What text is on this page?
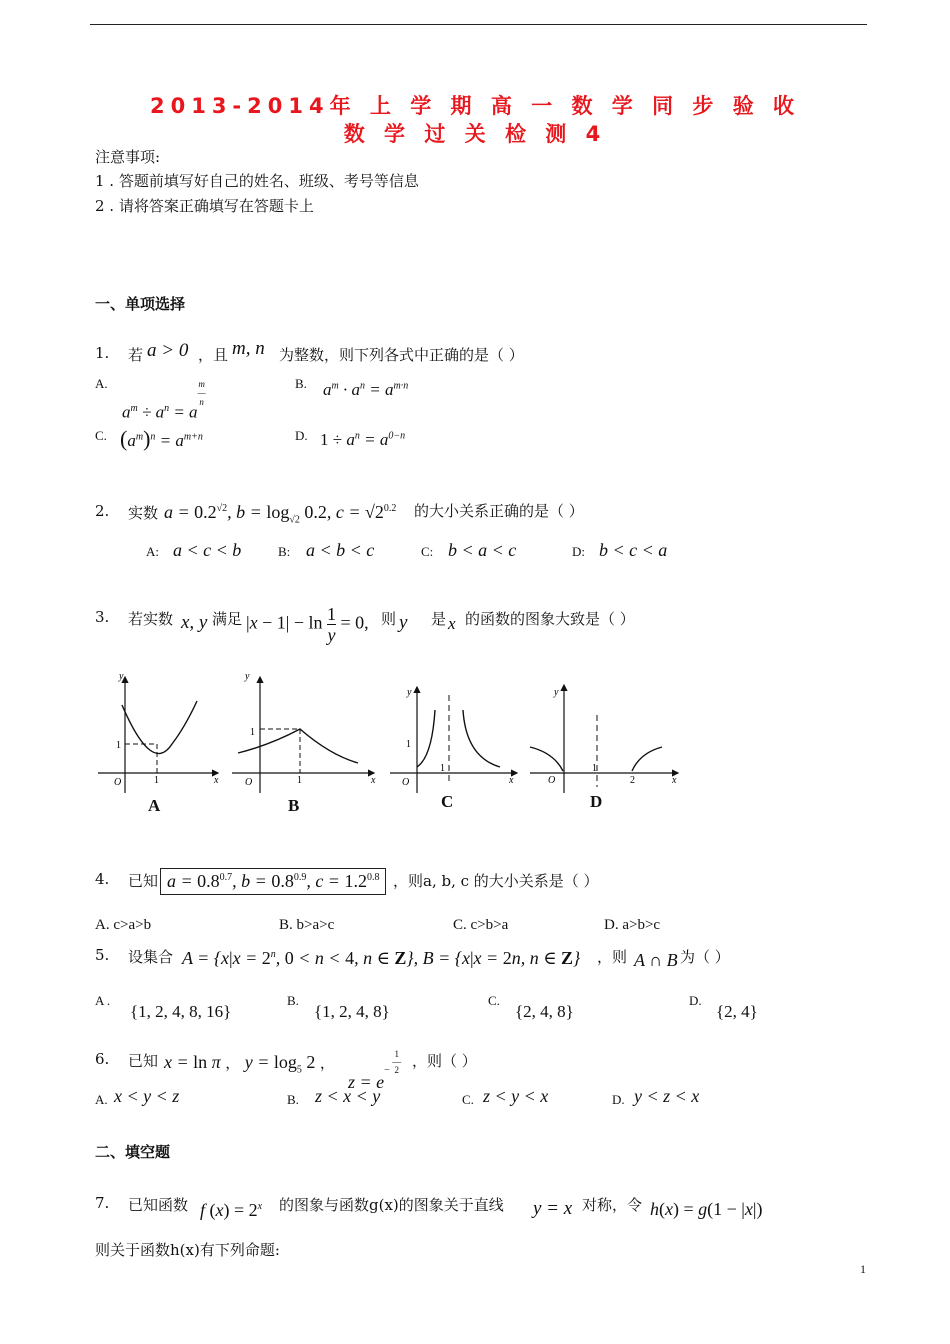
2013-2014年 上 学 期 高 一 数 学 同 步 验 收
数 学 过 关 检 测 4
注意事项:
1 . 答题前填写好自己的姓名、班级、考号等信息
2 . 请将答案正确填写在答题卡上
一、单项选择
1. 若 a > 0 ，且 m, n 为整数，则下列各式中正确的是（ ）
A.
$a^m \div a^n = a^{m — n}$
B. $a^m \cdot a^n = a^{m\cdot n}$
C. $(a^m)^n = a^{m+n}$	D. $1 \div a^n = a^{0-n}$
2. 实数 $a = 0.2^{√2}$, $b = \log_{√2} 0.2$, $c = √2^{0.2}$ 的大小关系正确的是（ ）
A: a < c < b	B: a < b < c	C: b < a < c	D: b < c < a
3. 若实数 x, y 满足 $|x - 1| - \ln \frac{1}{y} = 0$, 则 y 是 x 的函数的图象大致是（ ）
y
x
O
1
1
y
x
O
1
1
y
x
O
1
1
y
x
O
1
2
A	B	C	D
4. 已知 $a = 0.8^{0.7}$, $b = 0.8^{0.9}$, $c = 1.2^{0.8}$ ，则a, b, c 的大小关系是（ ）
A. c>a>b	B. b>a>c	C. c>b>a	D. a>b>c
5. 设集合 $A = \{x|x = 2^n$, 0 < n < 4, n ∈ Z}, B = {x|x = 2n, n ∈ Z} ，则 A ∩ B 为（ ）
A .
{1, 2, 4, 8, 16}
B.
{1, 2, 4, 8}
C.
{2, 4, 8}
D.
{2, 4}
6. 已知 x = ln π ， $y = \log_5 2$ ，
$z = e^{- 1 — 2}$ ，则（ ）
A. x < y < z	B. z < x < y	C. z < y < x	D. y < z < x
二、填空题
7. 已知函数 f $(x) = 2^x$ 的图象与函数g(x)的图象关于直线 y = x 对称，令 h(x) = g(1 − |x|)
则关于函数h(x)有下列命题:
1
